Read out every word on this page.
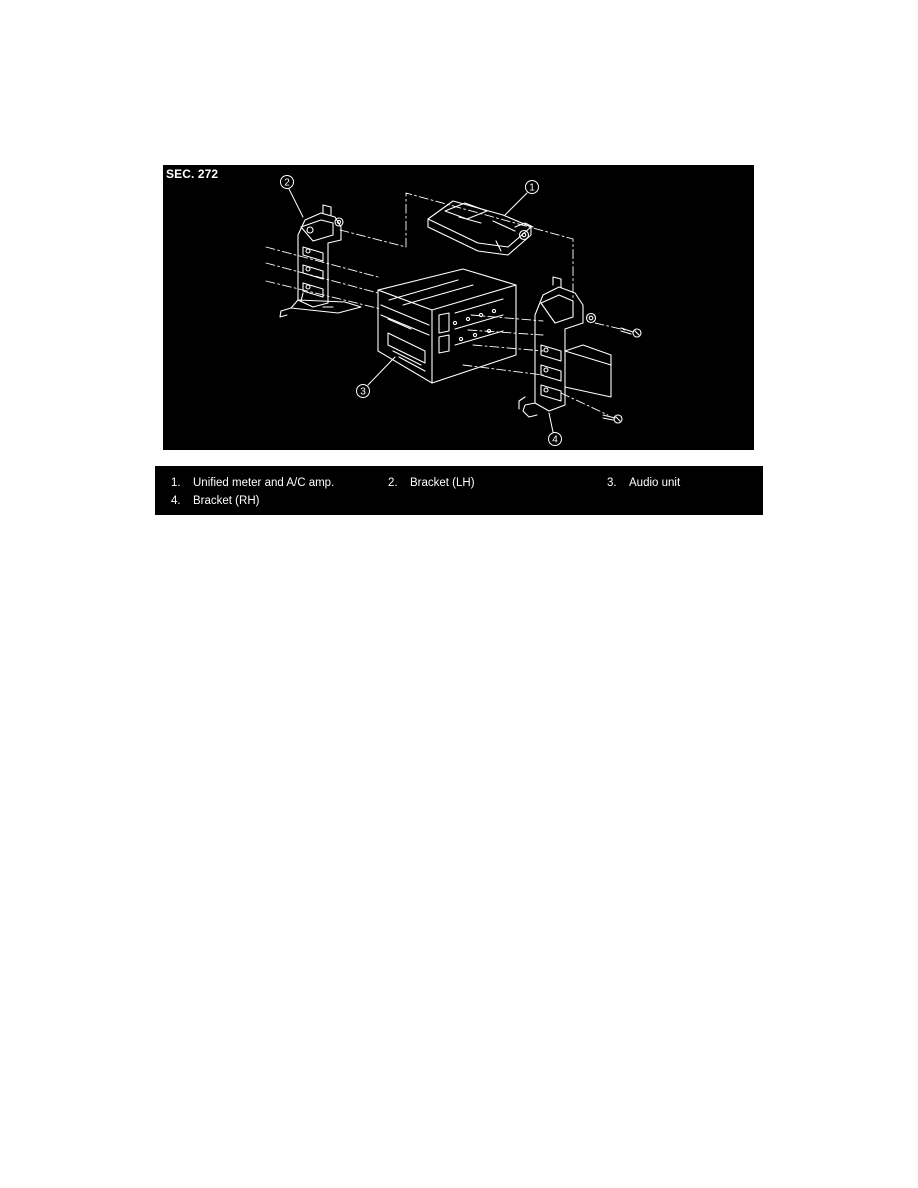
SEC. 272
2	1
3
4
1. Unified meter and A/C amp.	2. Bracket (LH)	3. Audio unit
4. Bracket (RH)
